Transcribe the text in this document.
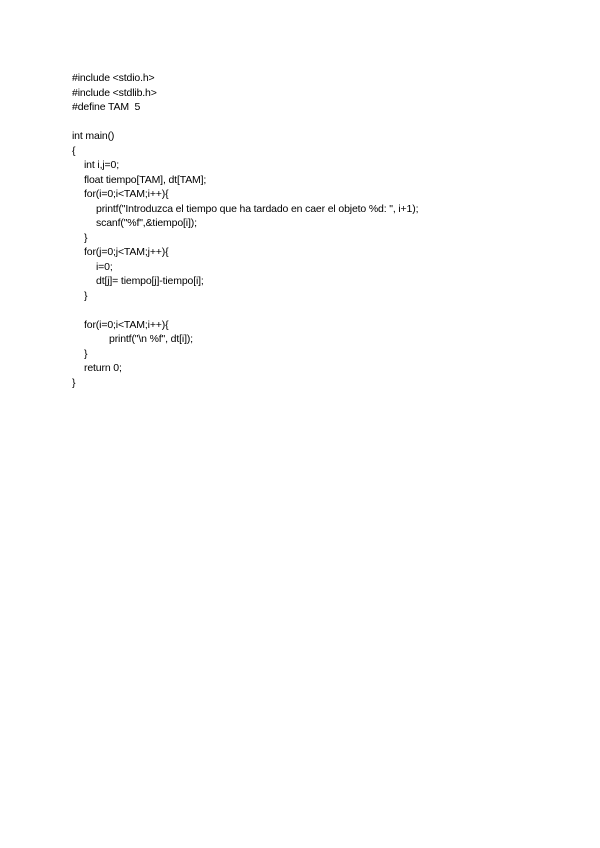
#include <stdio.h>
#include <stdlib.h>
#define TAM  5
int main()
{
int i,j=0;
float tiempo[TAM], dt[TAM];
for(i=0;i<TAM;i++){
printf("Introduzca el tiempo que ha tardado en caer el objeto %d: ", i+1);
scanf("%f",&tiempo[i]);
}
for(j=0;j<TAM;j++){
i=0;
dt[j]= tiempo[j]-tiempo[i];
}
for(i=0;i<TAM;i++){
printf("\n %f", dt[i]);
}
return 0;
}
